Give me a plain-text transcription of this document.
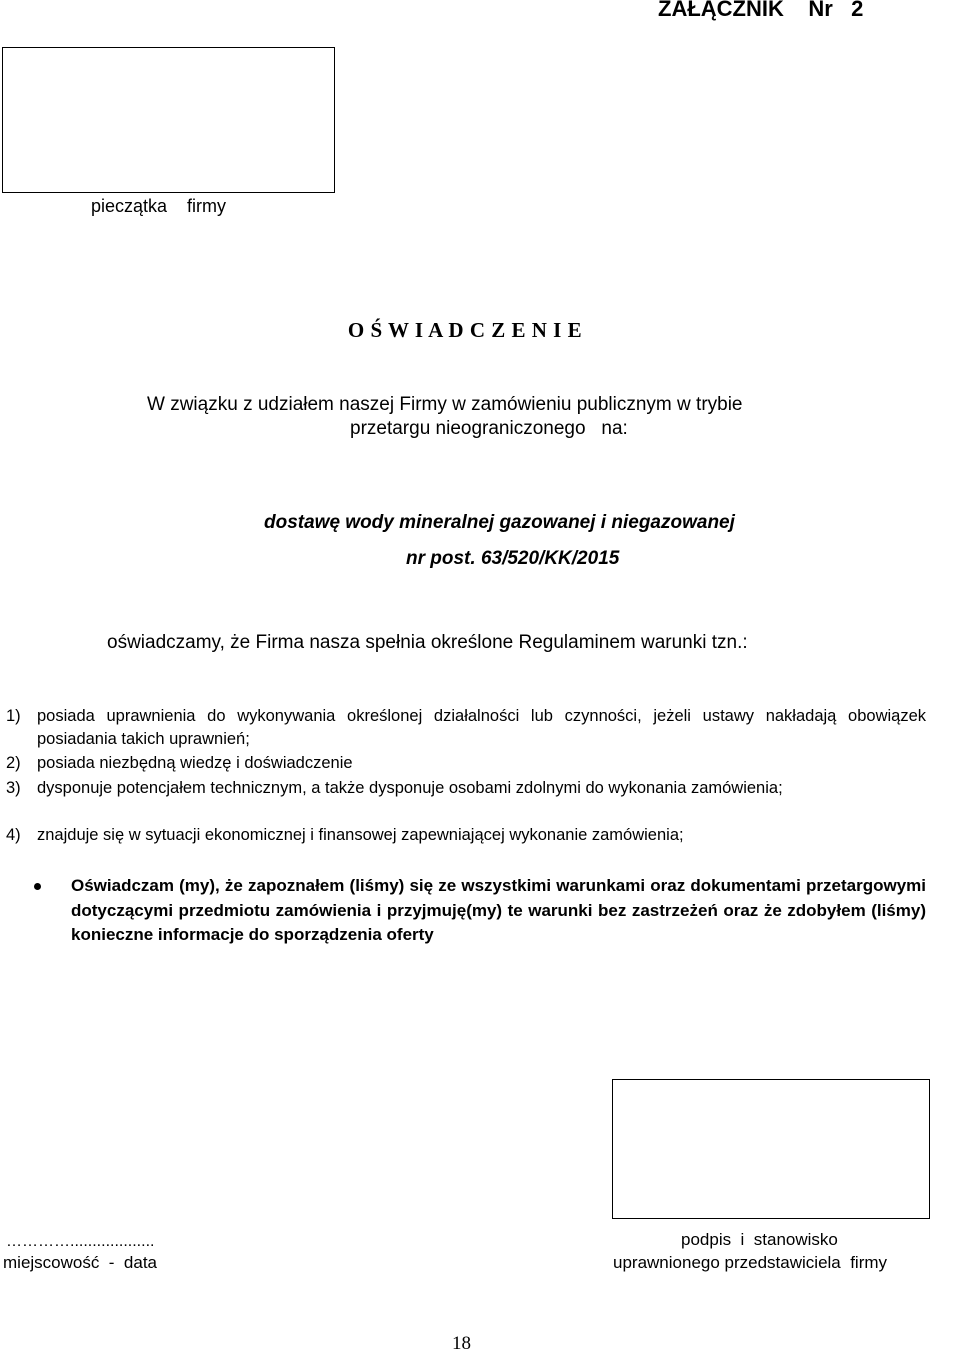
ZAŁĄCZNIK    Nr   2
pieczątka    firmy
O Ś W I A D C Z E N I E
W związku z udziałem naszej Firmy w zamówieniu publicznym w trybie
przetargu nieograniczonego   na:
dostawę wody mineralnej gazowanej i niegazowanej
nr post. 63/520/KK/2015
oświadczamy, że Firma nasza spełnia określone Regulaminem warunki tzn.:
1) posiada uprawnienia do wykonywania określonej działalności lub czynności, jeżeli ustawy nakładają obowiązek posiadania takich uprawnień;
2) posiada niezbędną wiedzę i doświadczenie
3) dysponuje potencjałem technicznym, a także dysponuje osobami zdolnymi do wykonania zamówienia;
4) znajduje się w sytuacji ekonomicznej i finansowej zapewniającej wykonanie zamówienia;
Oświadczam (my), że zapoznałem (liśmy) się ze wszystkimi warunkami oraz dokumentami przetargowymi dotyczącymi przedmiotu zamówienia i przyjmuję(my) te warunki bez zastrzeżeń oraz że zdobyłem (liśmy) konieczne informacje do sporządzenia oferty
…………...................
miejscowość  -  data
podpis  i  stanowisko
uprawnionego przedstawiciela  firmy
18
